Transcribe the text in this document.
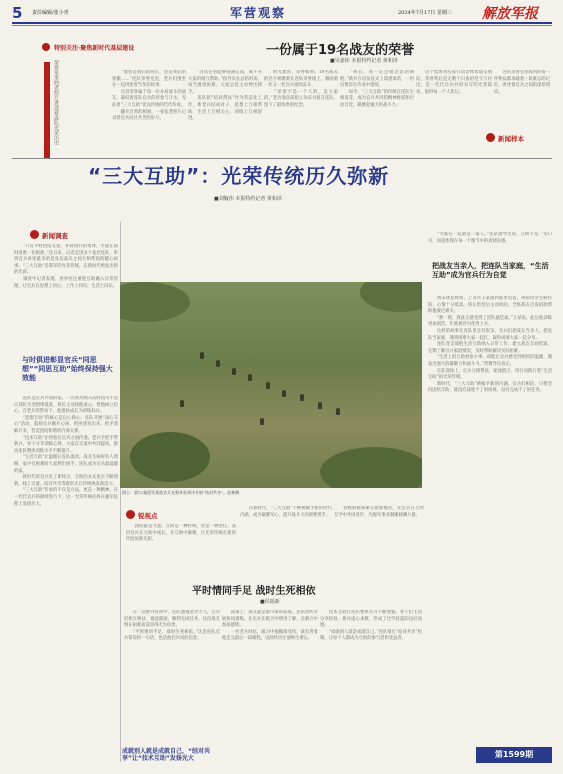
5 责任编辑/张小青	军营观察	2024年7月17日 星期三 解放军报
特别关注·聚焦新时代基层建设
荣誉室里的老照片讲述着连队光荣历史
一份属于19名战友的荣誉
■吴嘉炜 本报特约记者 黄和泽
　　“他曾是我们的班长，也是我们的骄傲……”连队荣誉室里，老兵们围坐在一起讲述着当年的故事。
　　这份荣誉属于每一位并肩战斗的战友，凝结着连队官兵的青春与汗水，见证着“三大互助”优良传统的代代传承。
　　翻开泛黄的相册，一张张老照片记录着官兵同甘共苦的岁月。
　　“这次任务能够圆满完成，离不开大家的相互帮助。”指导员在总结时说。每当遇到困难，大家总是主动伸出援手。
　　连队把“结对帮扶”作为常态化工作，新老兵结成对子，思想上互相帮助，生活上互相关心，训练上互相促进。
　　时光流转，荣誉如初。19名战友的名字被镌刻在连队荣誉墙上，激励着一茬又一茬官兵接续奋斗。
　　“荣誉不是一个人的，是大家的。”老兵退伍前把立功证书留在连队，留下了最珍贵的纪念。
　　“班长，我一定会接过您的钢枪。”新兵在退伍仪式上郑重承诺，一份份情谊在传承中延续。
　　如今，“三大互助”的传统在连队生根发芽，成为官兵共同的精神财富和行动自觉，凝聚起强大的战斗力。
　　这个集体用实际行动诠释着战友情谊，荣誉背后是无数个日夜的坚守与付出，是一代代官兵共同书写的光荣篇章，值得每一个人铭记。
　　连队荣誉室里陈列的每一件物品都承载着一段难忘的记忆，讲述着官兵之间的深厚情谊。
新闻样本
“三大互助”：光荣传统历久弥新
■刘毓伟 本报特约记者 黄和泽
新闻调查
　　“只有平时团结友爱、并肩同行的集体，才能在战时战胜一切困难。”连日来，记者走进多个基层连队，听到官兵讲述最多的是身边战友之间互相帮助的暖心故事。“三大互助”是我军的光荣传统，在新时代焕发出新的光彩。
　　调查中记者发现，各单位注重把互助融入日常管理，让官兵在思想上同心、工作上同向、生活上同乐。
与时俱进彰显官兵“同思想”“同思互助”始终保持强大效能
　　连队是官兵共同的家。一名新兵刚入伍时因为不适应部队生活情绪低落，班长主动找他谈心，帮他树立信心。在老兵的带动下，他很快成长为训练标兵。
　　“思想互助”的核心是以心换心。连队开展“谈心交心”活动，鼓励官兵敞开心扉，把困惑说出来、把矛盾解开来，营造团结和谐的内部关系。
　　“技术互助”让经验在官兵之间传递。老兵手把手带新兵，骨干分享训练心得，大家在交流中共同提高，推动连队整体训练水平不断提升。
　　“生活互助”让温暖在连队流动。战友生病时有人照顾，家中有困难时大家伸出援手，连队成为官兵最温暖的家。
　　新时代的官兵有了新特点，互助的方式也在不断创新，线上交流、结对共享等新形式让传统焕发新活力。
　　“三大互助”传承的不仅是方法，更是一种精神。在一代代官兵的接续努力下，这一光荣传统必将在强军征程上发扬光大。
图①：第72集团军某旅官兵在野外驻训中开展“结对共享”。赵林摄
　　“大家在一起就是一家人。”连队指导员说，互助不是一句口号，而是体现在每一个细节中的真情实感。
把战友当亲人，把连队当家庭，“生活互助”成为官兵行为自觉
　　周末休息时间，上等兵王某接到家里电话，得知母亲生病住院，心情十分低落。班长察觉后主动询问，全班战友自发捐款帮助他渡过难关。
　　“那一刻，我真正感受到了连队就是家。”王某说。此后他训练更加刻苦，年底被评为优秀士兵。
　　这样的故事在连队里还有很多。官兵们把战友当亲人，把连队当家庭，遇到困难大家一起扛，取得成绩大家一起分享。
　　连队党支部把生活互助纳入日常工作，建立战友互助档案，定期了解官兵家庭情况，及时帮助解决实际困难。
　　“生活上的互助看似小事，却能让官兵感受到组织的温暖，激发出强大的凝聚力和战斗力。”营教导员表示。
　　在驻训场上，官兵互相帮扶、轮流值守，用行动践行着“生活互助”的光荣传统。
　　新时代，“三大互助”被赋予新的内涵。官兵们相信，只要坚持团结互助，就没有战胜不了的困难，没有完成不了的任务。
锐视点
　　团结就是力量。互助是一种传统，更是一种责任。基层官兵在互助中成长，在互助中凝聚，让光荣传统在新时代绽放新光彩。
　　在新时代，“三大互助”不断被赋予新的时代内涵，成为凝聚军心、提升战斗力的重要抓手。
　　各级积极探索互助新模式，让官兵在互帮互学中共同进步，为强军事业凝聚磅礴力量。
平时情同手足 战时生死相依
■侯福新
　　在一次野外驻训中，连队遭遇恶劣天气，官兵们相互搀扶、彼此鼓励，顺利完成任务。这份战友情在困难面前显得尤为珍贵。
　　“平时情同手足，战时生死相依。”这是连队官兵常说的一句话，也是他们共同的信念。
成就别人就是成就自己，“结对共享”让“技术互助”发扬光大
　　战场上，战友就是最可靠的依靠。连队组织开展协同训练，让官兵在配合中增进了解、在磨合中加深感情。
　　一名老兵回忆，演习中他腿部受伤，战友背着他走完最后一段路程。这段经历让他终生难忘。
　　技术互助让连队整体实力不断增强。骨干们主动分享经验，新兵虚心求教，形成了比学赶超的良好氛围。
　　“成就别人就是成就自己。”连队推行“结对共享”机制，让每个人都成为互助的参与者和受益者。
第1599期
